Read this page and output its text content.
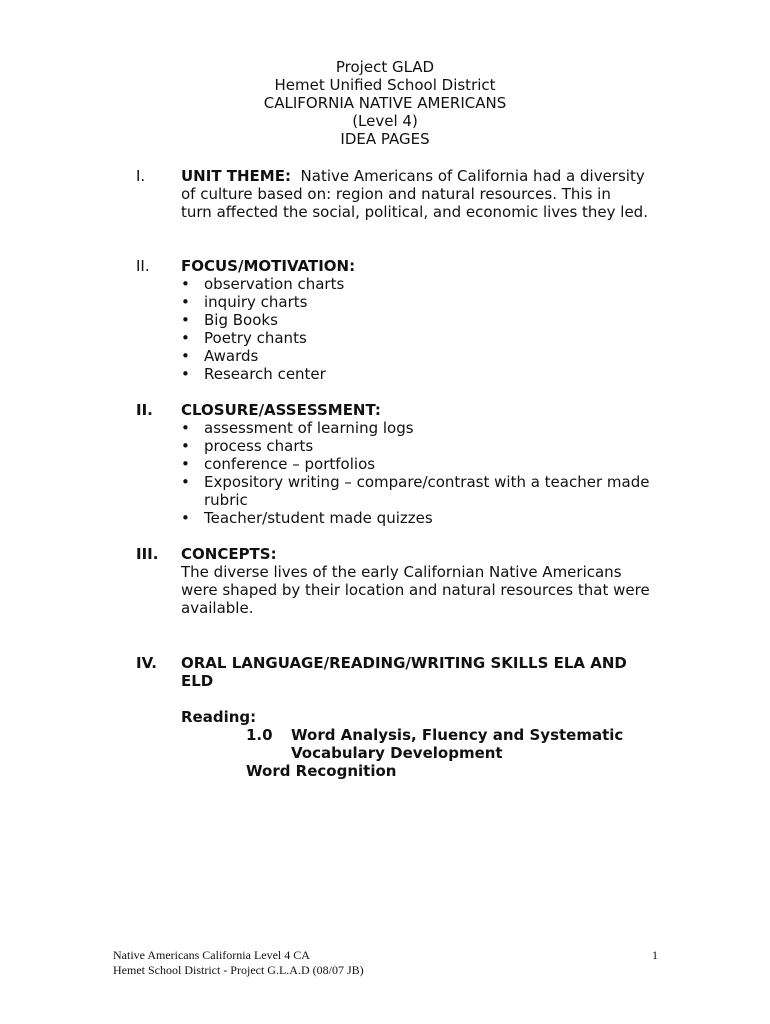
Project GLAD
Hemet Unified School District
CALIFORNIA NATIVE AMERICANS
(Level 4)
IDEA PAGES
I. UNIT THEME: Native Americans of California had a diversity
of culture based on: region and natural resources. This in
turn affected the social, political, and economic lives they led.
II. FOCUS/MOTIVATION:
• observation charts
• inquiry charts
• Big Books
• Poetry chants
• Awards
• Research center
II. CLOSURE/ASSESSMENT:
• assessment of learning logs
• process charts
• conference – portfolios
• Expository writing – compare/contrast with a teacher made
rubric
• Teacher/student made quizzes
III. CONCEPTS:
The diverse lives of the early Californian Native Americans
were shaped by their location and natural resources that were
available.
IV. ORAL LANGUAGE/READING/WRITING SKILLS ELA AND
ELD
Reading:
1.0	Word Analysis, Fluency and Systematic
Vocabulary Development
Word Recognition
Native Americans California Level 4 CA
Hemet School District - Project G.L.A.D (08/07 JB)
1
